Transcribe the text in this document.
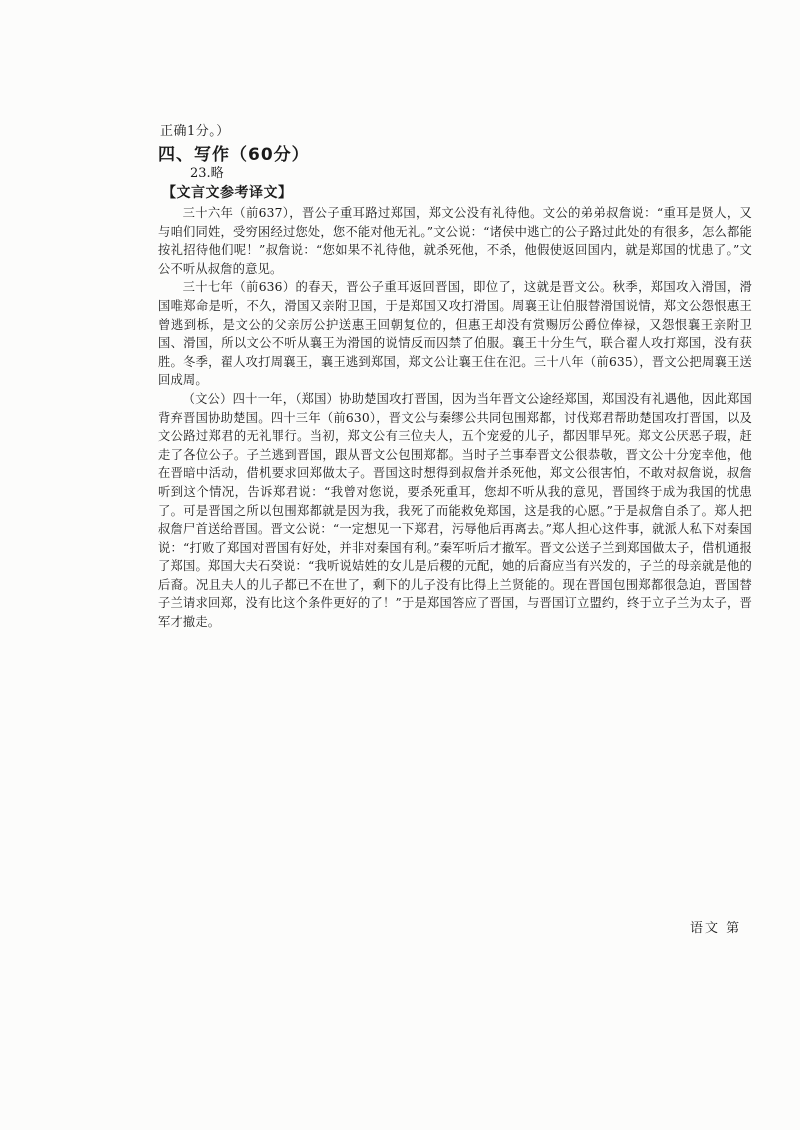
正确1分。）
四、写作（60分）
23.略
【文言文参考译文】

三十六年（前637），晋公子重耳路过郑国，郑文公没有礼待他。文公的弟弟叔詹说：“重耳是贤人，又与咱们同姓，受穷困经过您处，您不能对他无礼。”文公说：“诸侯中逃亡的公子路过此处的有很多，怎么都能按礼招待他们呢！”叔詹说：“您如果不礼待他，就杀死他，不杀，他假使返回国内，就是郑国的忧患了。”文公不听从叔詹的意见。

三十七年（前636）的春天，晋公子重耳返回晋国，即位了，这就是晋文公。秋季，郑国攻入滑国，滑国唯郑命是听，不久，滑国又亲附卫国，于是郑国又攻打滑国。周襄王让伯服替滑国说情，郑文公怨恨惠王曾逃到栎，是文公的父亲厉公护送惠王回朝复位的，但惠王却没有赏赐厉公爵位俸禄，又怨恨襄王亲附卫国、滑国，所以文公不听从襄王为滑国的说情反而囚禁了伯服。襄王十分生气，联合翟人攻打郑国，没有获胜。冬季，翟人攻打周襄王，襄王逃到郑国，郑文公让襄王住在氾。三十八年（前635），晋文公把周襄王送回成周。

（文公）四十一年，（郑国）协助楚国攻打晋国，因为当年晋文公途经郑国，郑国没有礼遇他，因此郑国背弃晋国协助楚国。四十三年（前630），晋文公与秦缪公共同包围郑都，讨伐郑君帮助楚国攻打晋国，以及文公路过郑君的无礼罪行。当初，郑文公有三位夫人，五个宠爱的儿子，都因罪早死。郑文公厌恶子瑕，赶走了各位公子。子兰逃到晋国，跟从晋文公包围郑都。当时子兰事奉晋文公很恭敬，晋文公十分宠幸他，他在晋暗中活动，借机要求回郑做太子。晋国这时想得到叔詹并杀死他，郑文公很害怕，不敢对叔詹说，叔詹听到这个情况，告诉郑君说：“我曾对您说，要杀死重耳，您却不听从我的意见，晋国终于成为我国的忧患了。可是晋国之所以包围郑都就是因为我，我死了而能救免郑国，这是我的心愿。”于是叔詹自杀了。郑人把叔詹尸首送给晋国。晋文公说：“一定想见一下郑君，污辱他后再离去。”郑人担心这件事，就派人私下对秦国说：“打败了郑国对晋国有好处，并非对秦国有利。”秦军听后才撤军。晋文公送子兰到郑国做太子，借机通报了郑国。郑国大夫石癸说：“我听说姞姓的女儿是后稷的元配，她的后裔应当有兴发的，子兰的母亲就是他的后裔。况且夫人的儿子都已不在世了，剩下的儿子没有比得上兰贤能的。现在晋国包围郑都很急迫，晋国替子兰请求回郑，没有比这个条件更好的了！”于是郑国答应了晋国，与晋国订立盟约，终于立子兰为太子，晋军才撤走。

语文 第
